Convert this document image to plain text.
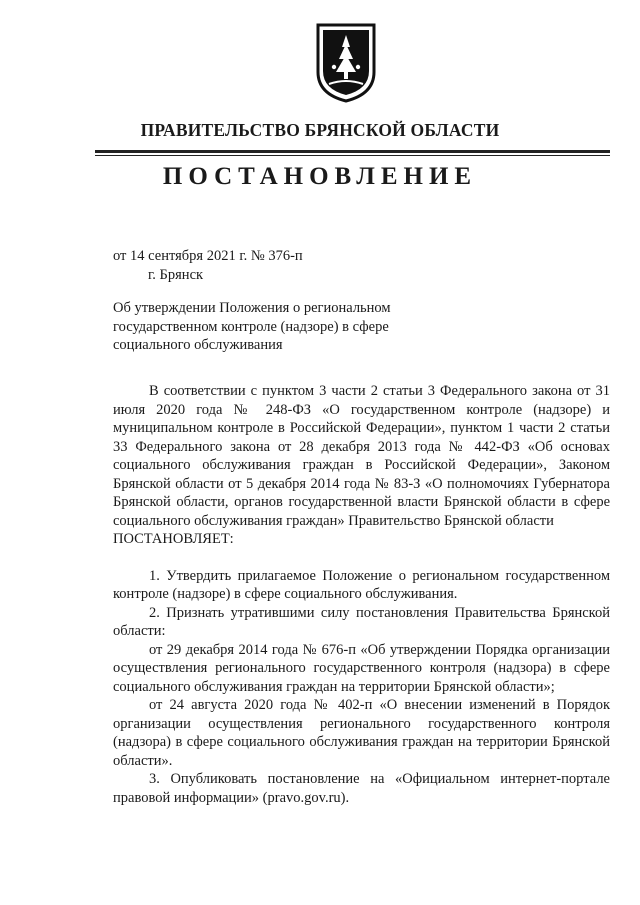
ПРАВИТЕЛЬСТВО БРЯНСКОЙ ОБЛАСТИ
ПОСТАНОВЛЕНИЕ
от 14 сентября 2021 г. № 376-п
г. Брянск
Об утверждении Положения о региональном государственном контроле (надзоре) в сфере социального обслуживания

В соответствии с пунктом 3 части 2 статьи 3 Федерального закона от 31 июля 2020 года № 248-ФЗ «О государственном контроле (надзоре) и муниципальном контроле в Российской Федерации», пунктом 1 части 2 статьи 33 Федерального закона от 28 декабря 2013 года № 442-ФЗ «Об основах социального обслуживания граждан в Российской Федерации», Законом Брянской области от 5 декабря 2014 года № 83-З «О полномочиях Губернатора Брянской области, органов государственной власти Брянской области в сфере социального обслуживания граждан» Правительство Брянской области

ПОСТАНОВЛЯЕТ:

1. Утвердить прилагаемое Положение о региональном государственном контроле (надзоре) в сфере социального обслуживания.

2. Признать утратившими силу постановления Правительства Брянской области:

от 29 декабря 2014 года № 676-п «Об утверждении Порядка организации осуществления регионального государственного контроля (надзора) в сфере социального обслуживания граждан на территории Брянской области»;

от 24 августа 2020 года № 402-п «О внесении изменений в Порядок организации осуществления регионального государственного контроля (надзора) в сфере социального обслуживания граждан на территории Брянской области».

3. Опубликовать постановление на «Официальном интернет-портале правовой информации» (pravo.gov.ru).
